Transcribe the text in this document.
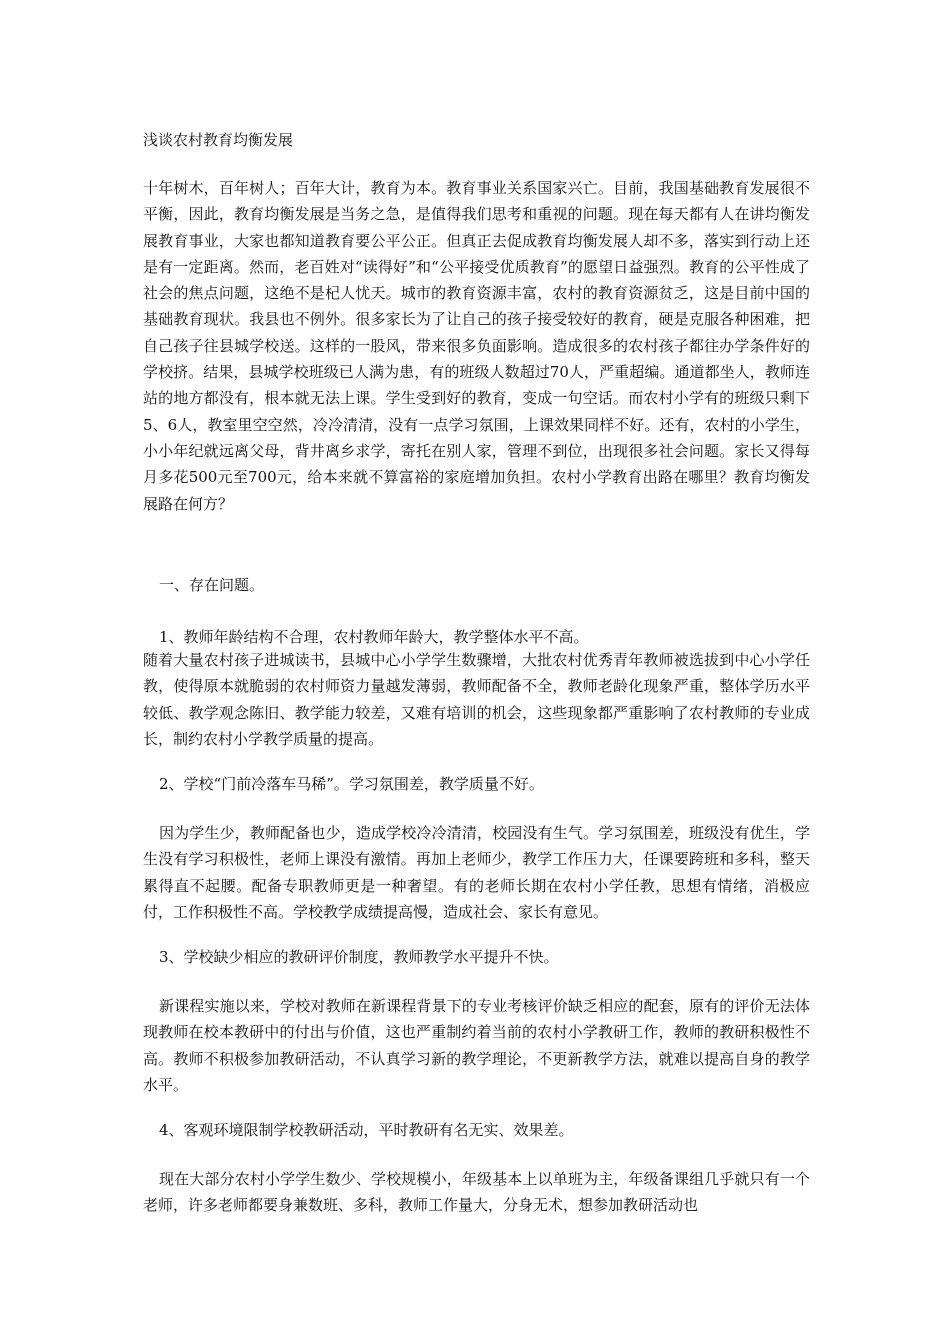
浅谈农村教育均衡发展

十年树木，百年树人；百年大计，教育为本。教育事业关系国家兴亡。目前，我国基础教育发展很不平衡，因此，教育均衡发展是当务之急，是值得我们思考和重视的问题。现在每天都有人在讲均衡发展教育事业，大家也都知道教育要公平公正。但真正去促成教育均衡发展人却不多，落实到行动上还是有一定距离。然而，老百姓对“读得好”和“公平接受优质教育”的愿望日益强烈。教育的公平性成了社会的焦点问题，这绝不是杞人忧天。城市的教育资源丰富，农村的教育资源贫乏，这是目前中国的基础教育现状。我县也不例外。很多家长为了让自己的孩子接受较好的教育，硬是克服各种困难，把自己孩子往县城学校送。这样的一股风，带来很多负面影响。造成很多的农村孩子都往办学条件好的学校挤。结果，县城学校班级已人满为患，有的班级人数超过70人，严重超编。通道都坐人，教师连站的地方都没有，根本就无法上课。学生受到好的教育，变成一句空话。而农村小学有的班级只剩下5、6人，教室里空空然，冷冷清清，没有一点学习氛围，上课效果同样不好。还有，农村的小学生，小小年纪就远离父母，背井离乡求学，寄托在别人家，管理不到位，出现很多社会问题。家长又得每月多花500元至700元，给本来就不算富裕的家庭增加负担。农村小学教育出路在哪里？教育均衡发展路在何方？

一、存在问题。
1、教师年龄结构不合理，农村教师年龄大，教学整体水平不高。

随着大量农村孩子进城读书，县城中心小学学生数骤增，大批农村优秀青年教师被选拔到中心小学任教，使得原本就脆弱的农村师资力量越发薄弱，教师配备不全，教师老龄化现象严重，整体学历水平较低、教学观念陈旧、教学能力较差，又难有培训的机会，这些现象都严重影响了农村教师的专业成长，制约农村小学教学质量的提高。

2、学校“门前冷落车马稀”。学习氛围差，教学质量不好。

因为学生少，教师配备也少，造成学校冷冷清清，校园没有生气。学习氛围差，班级没有优生，学生没有学习积极性，老师上课没有激情。再加上老师少，教学工作压力大，任课要跨班和多科，整天累得直不起腰。配备专职教师更是一种奢望。有的老师长期在农村小学任教，思想有情绪，消极应付，工作积极性不高。学校教学成绩提高慢，造成社会、家长有意见。

3、学校缺少相应的教研评价制度，教师教学水平提升不快。

新课程实施以来，学校对教师在新课程背景下的专业考核评价缺乏相应的配套，原有的评价无法体现教师在校本教研中的付出与价值，这也严重制约着当前的农村小学教研工作，教师的教研积极性不高。教师不积极参加教研活动，不认真学习新的教学理论，不更新教学方法，就难以提高自身的教学水平。

4、客观环境限制学校教研活动，平时教研有名无实、效果差。

现在大部分农村小学学生数少、学校规模小，年级基本上以单班为主，年级备课组几乎就只有一个老师，许多老师都要身兼数班、多科，教师工作量大，分身无术，想参加教研活动也
